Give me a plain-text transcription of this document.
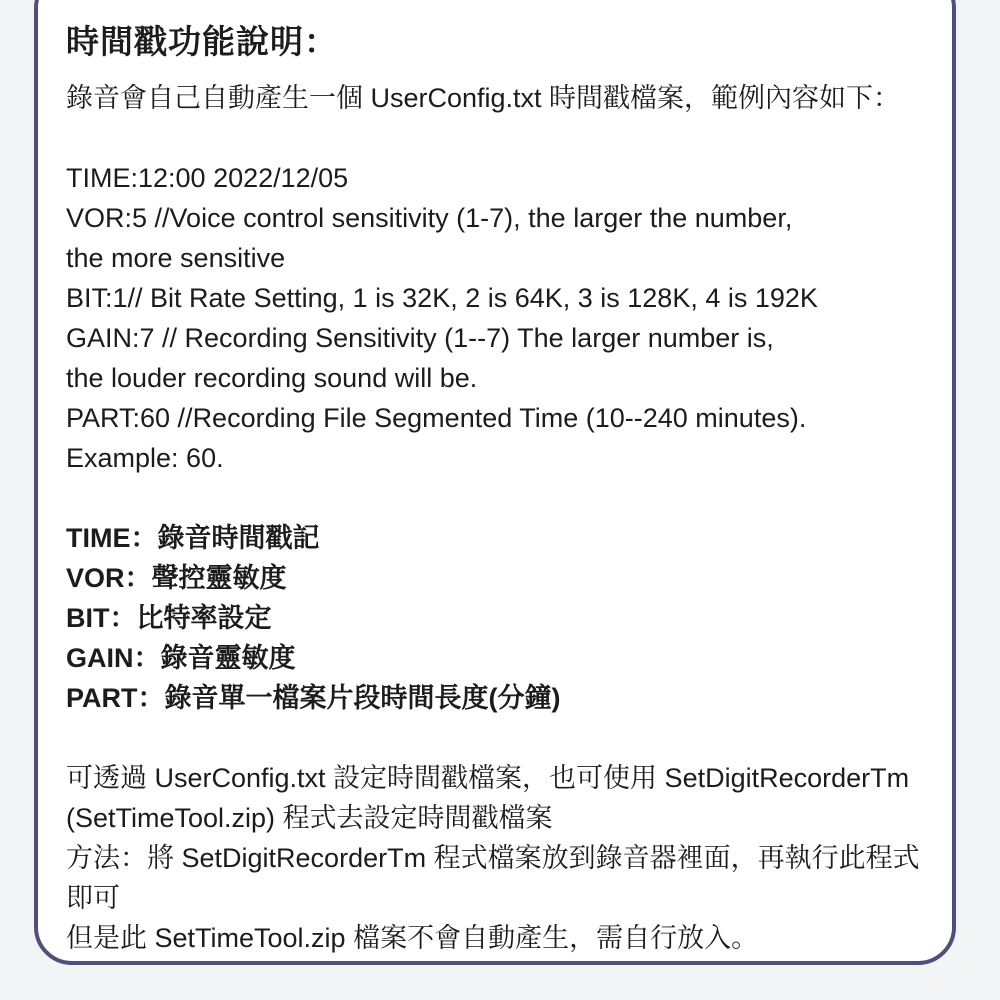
時間戳功能說明：
錄音會自己自動產生一個 UserConfig.txt 時間戳檔案，範例內容如下：
TIME:12:00 2022/12/05
VOR:5 //Voice control sensitivity (1-7), the larger the number,
the more sensitive
BIT:1// Bit Rate Setting, 1 is 32K, 2 is 64K, 3 is 128K, 4 is 192K
GAIN:7 // Recording Sensitivity (1--7) The larger number is,
the louder recording sound will be.
PART:60 //Recording File Segmented Time (10--240 minutes).
Example: 60.
TIME：錄音時間戳記
VOR：聲控靈敏度
BIT：比特率設定
GAIN：錄音靈敏度
PART：錄音單一檔案片段時間長度(分鐘)
可透過 UserConfig.txt 設定時間戳檔案，也可使用 SetDigitRecorderTm
(SetTimeTool.zip) 程式去設定時間戳檔案
方法：將 SetDigitRecorderTm 程式檔案放到錄音器裡面，再執行此程式
即可
但是此 SetTimeTool.zip 檔案不會自動產生，需自行放入。
